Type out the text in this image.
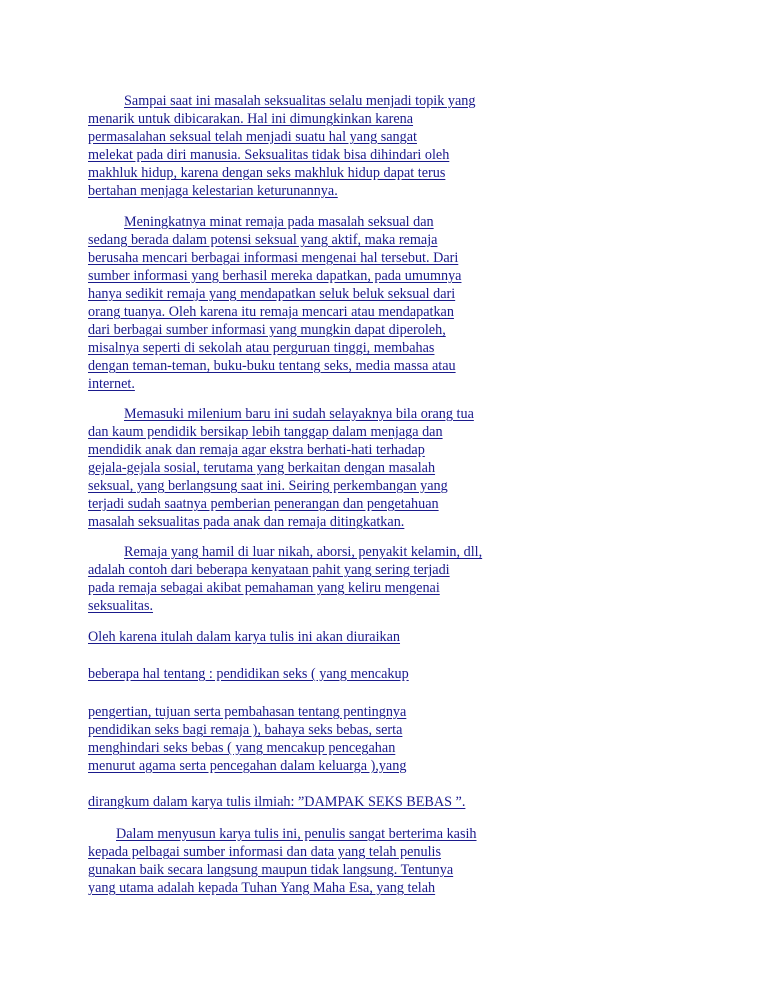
Sampai saat ini masalah seksualitas selalu menjadi topik yang
menarik untuk dibicarakan. Hal ini dimungkinkan karena
permasalahan seksual telah menjadi suatu hal yang sangat
melekat pada diri manusia. Seksualitas tidak bisa dihindari oleh
makhluk hidup, karena dengan seks makhluk hidup dapat terus
bertahan menjaga kelestarian keturunannya.
Meningkatnya minat remaja pada masalah seksual dan
sedang berada dalam potensi seksual yang aktif, maka remaja
berusaha mencari berbagai informasi mengenai hal tersebut. Dari
sumber informasi yang berhasil mereka dapatkan, pada umumnya
hanya sedikit remaja yang mendapatkan seluk beluk seksual dari
orang tuanya. Oleh karena itu remaja mencari atau mendapatkan
dari berbagai sumber informasi yang mungkin dapat diperoleh,
misalnya seperti di sekolah atau perguruan tinggi, membahas
dengan teman-teman, buku-buku tentang seks, media massa atau
internet.
Memasuki milenium baru ini sudah selayaknya bila orang tua
dan kaum pendidik bersikap lebih tanggap dalam menjaga dan
mendidik anak dan remaja agar ekstra berhati-hati terhadap
gejala-gejala sosial, terutama yang berkaitan dengan masalah
seksual, yang berlangsung saat ini. Seiring perkembangan yang
terjadi sudah saatnya pemberian penerangan dan pengetahuan
masalah seksualitas pada anak dan remaja ditingkatkan.
Remaja yang hamil di luar nikah, aborsi, penyakit kelamin, dll,
adalah contoh dari beberapa kenyataan pahit yang sering terjadi
pada remaja sebagai akibat pemahaman yang keliru mengenai
seksualitas.
Oleh karena itulah dalam karya tulis ini akan diuraikan
beberapa hal tentang : pendidikan seks ( yang mencakup
pengertian, tujuan serta pembahasan tentang pentingnya
pendidikan seks bagi remaja ), bahaya seks bebas, serta
menghindari seks bebas ( yang mencakup pencegahan
menurut agama serta pencegahan dalam keluarga ),yang
dirangkum dalam karya tulis ilmiah: ”DAMPAK SEKS BEBAS ”.
Dalam menyusun karya tulis ini, penulis sangat berterima kasih
kepada pelbagai sumber informasi dan data yang telah penulis
gunakan baik secara langsung maupun tidak langsung. Tentunya
yang utama adalah kepada Tuhan Yang Maha Esa, yang telah
